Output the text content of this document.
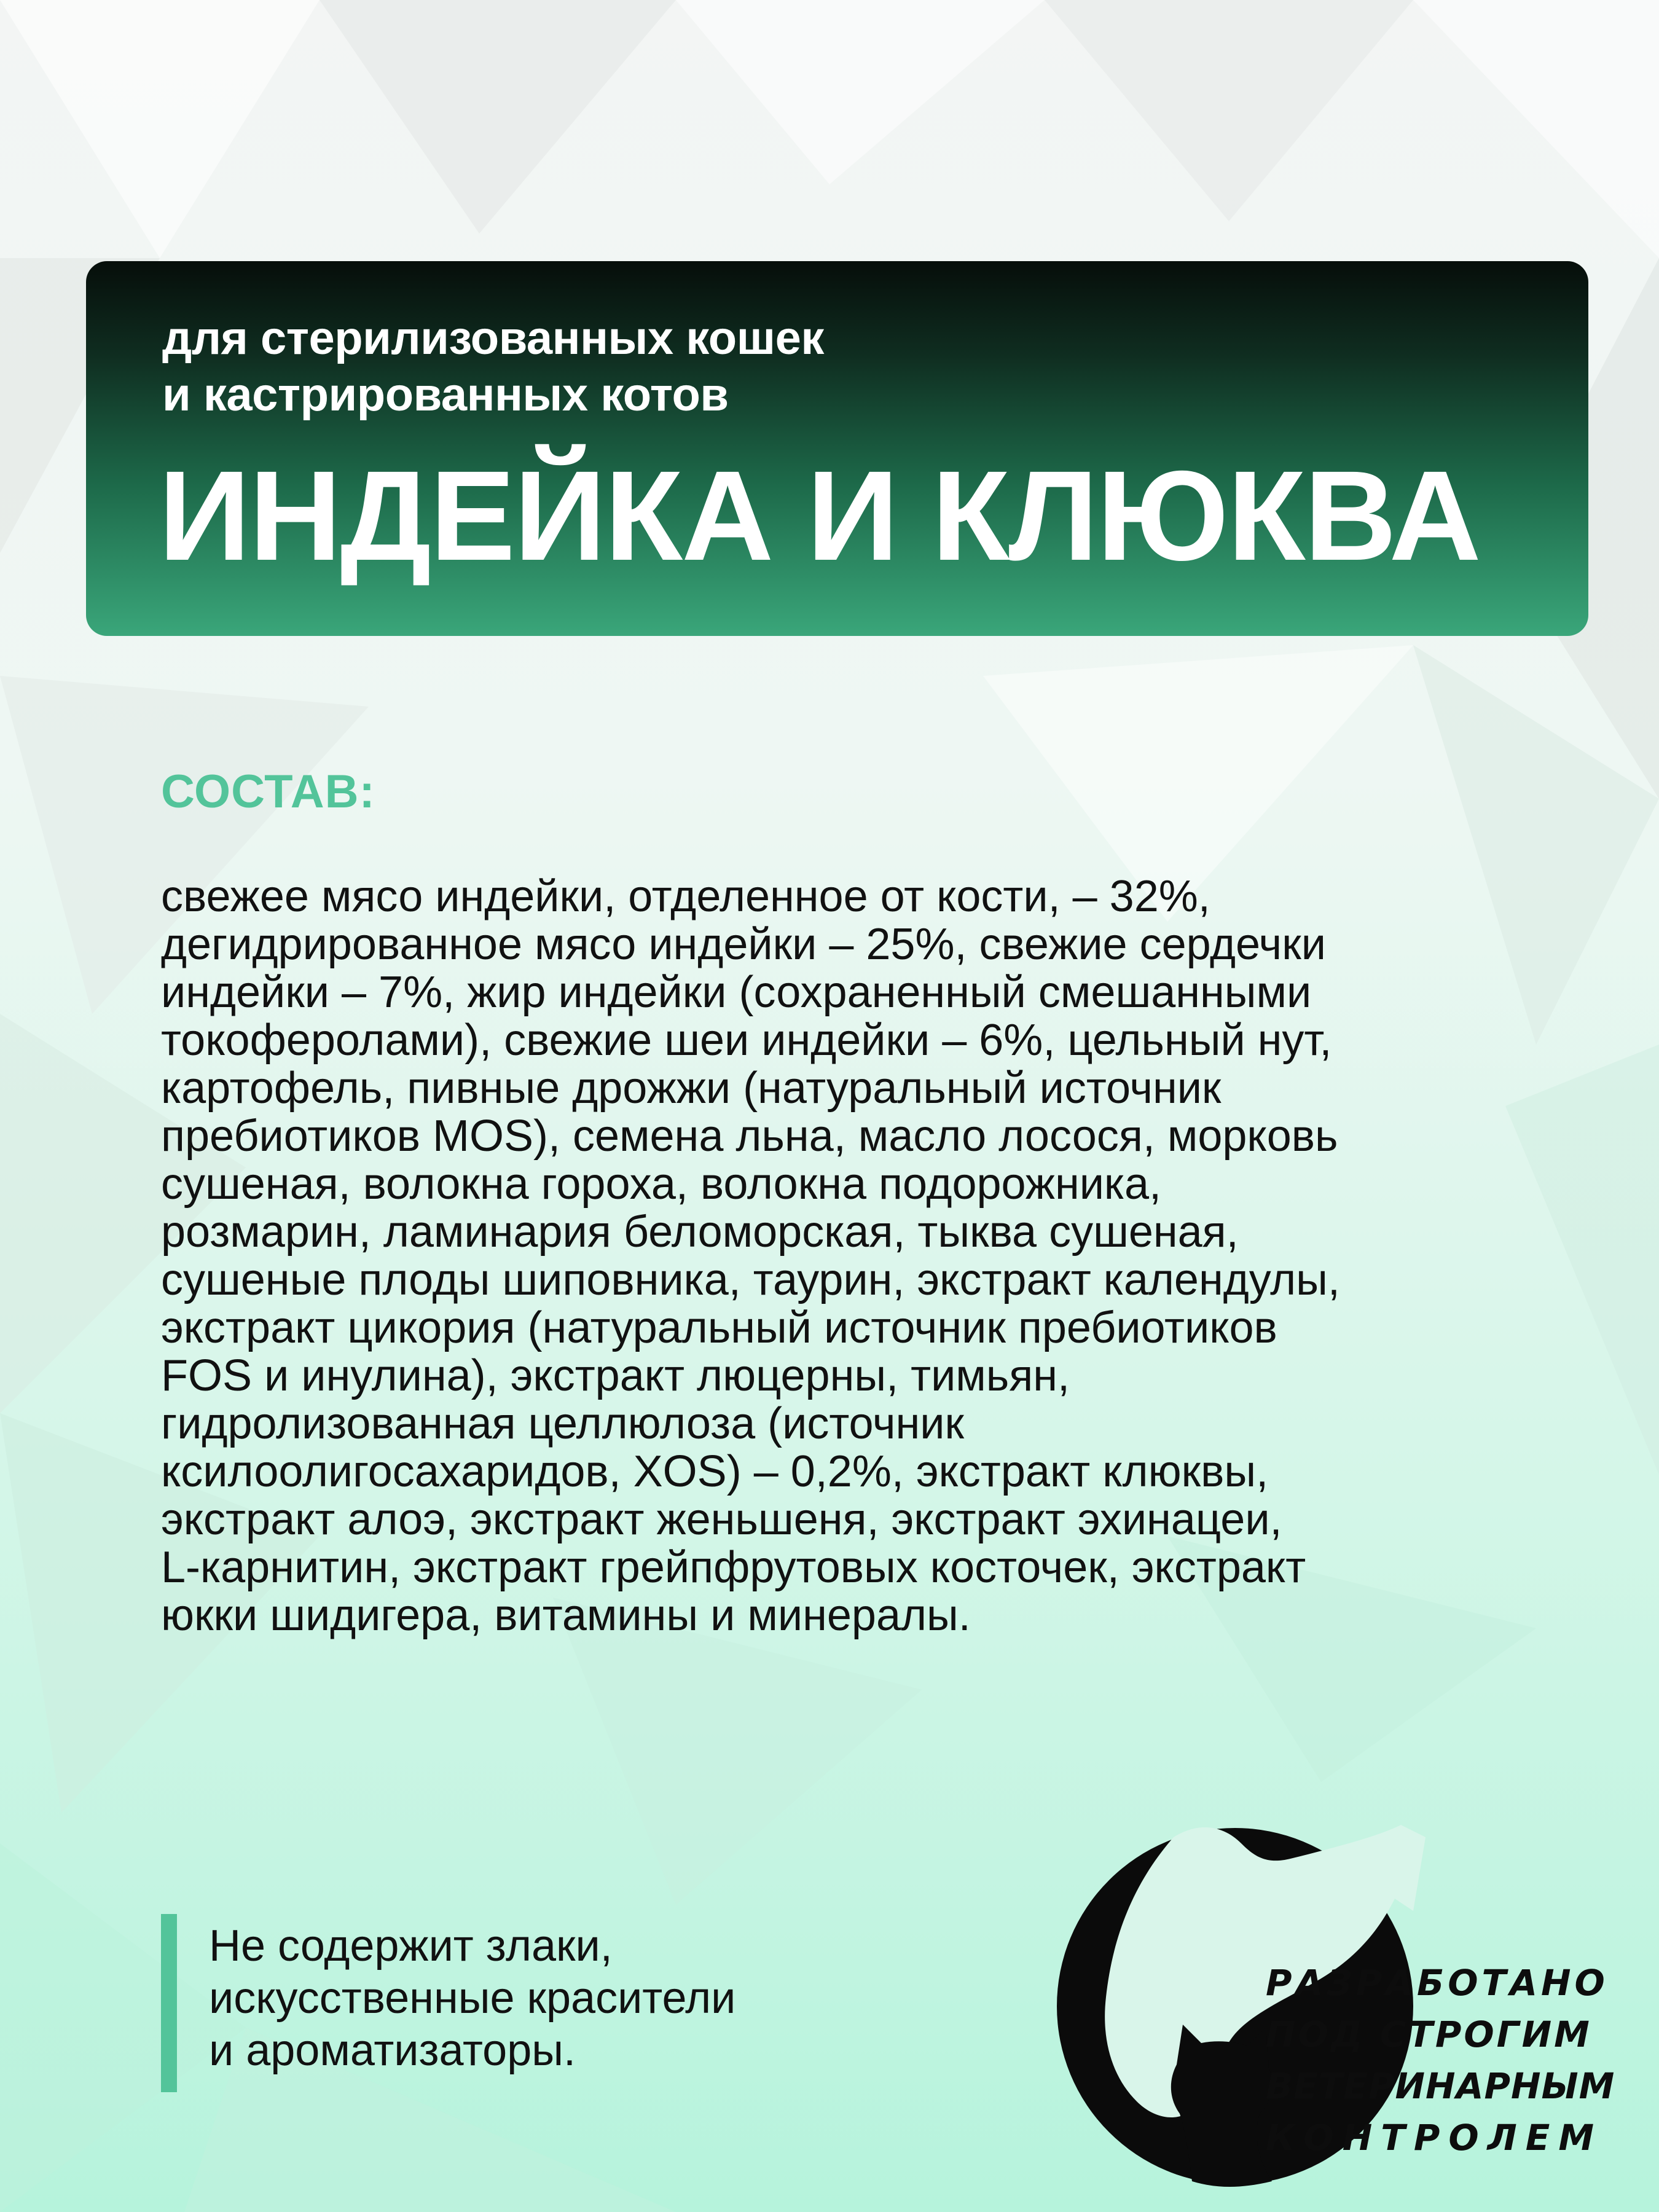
для стерилизованных кошек
и кастрированных котов
ИНДЕЙКА И КЛЮКВА
СОСТАВ:
свежее мясо индейки, отделенное от кости, – 32%,
дегидрированное мясо индейки – 25%, свежие сердечки
индейки – 7%, жир индейки (сохраненный смешанными
токоферолами), свежие шеи индейки – 6%, цельный нут,
картофель, пивные дрожжи (натуральный источник
пребиотиков MOS), семена льна, масло лосося, морковь
сушеная, волокна гороха, волокна подорожника,
розмарин, ламинария беломорская, тыква сушеная,
сушеные плоды шиповника, таурин, экстракт календулы,
экстракт цикория (натуральный источник пребиотиков
FOS и инулина), экстракт люцерны, тимьян,
гидролизованная целлюлоза (источник
ксилоолигосахаридов, XOS) – 0,2%, экстракт клюквы,
экстракт алоэ, экстракт женьшеня, экстракт эхинацеи,
L-карнитин, экстракт грейпфрутовых косточек, экстракт
юкки шидигера, витамины и минералы.
Не содержит злаки,
искусственные красители
и ароматизаторы.
РАЗРАБОТАНО
ПОД СТРОГИМ
ВЕТЕРИНАРНЫМ
КОНТРОЛЕМ
